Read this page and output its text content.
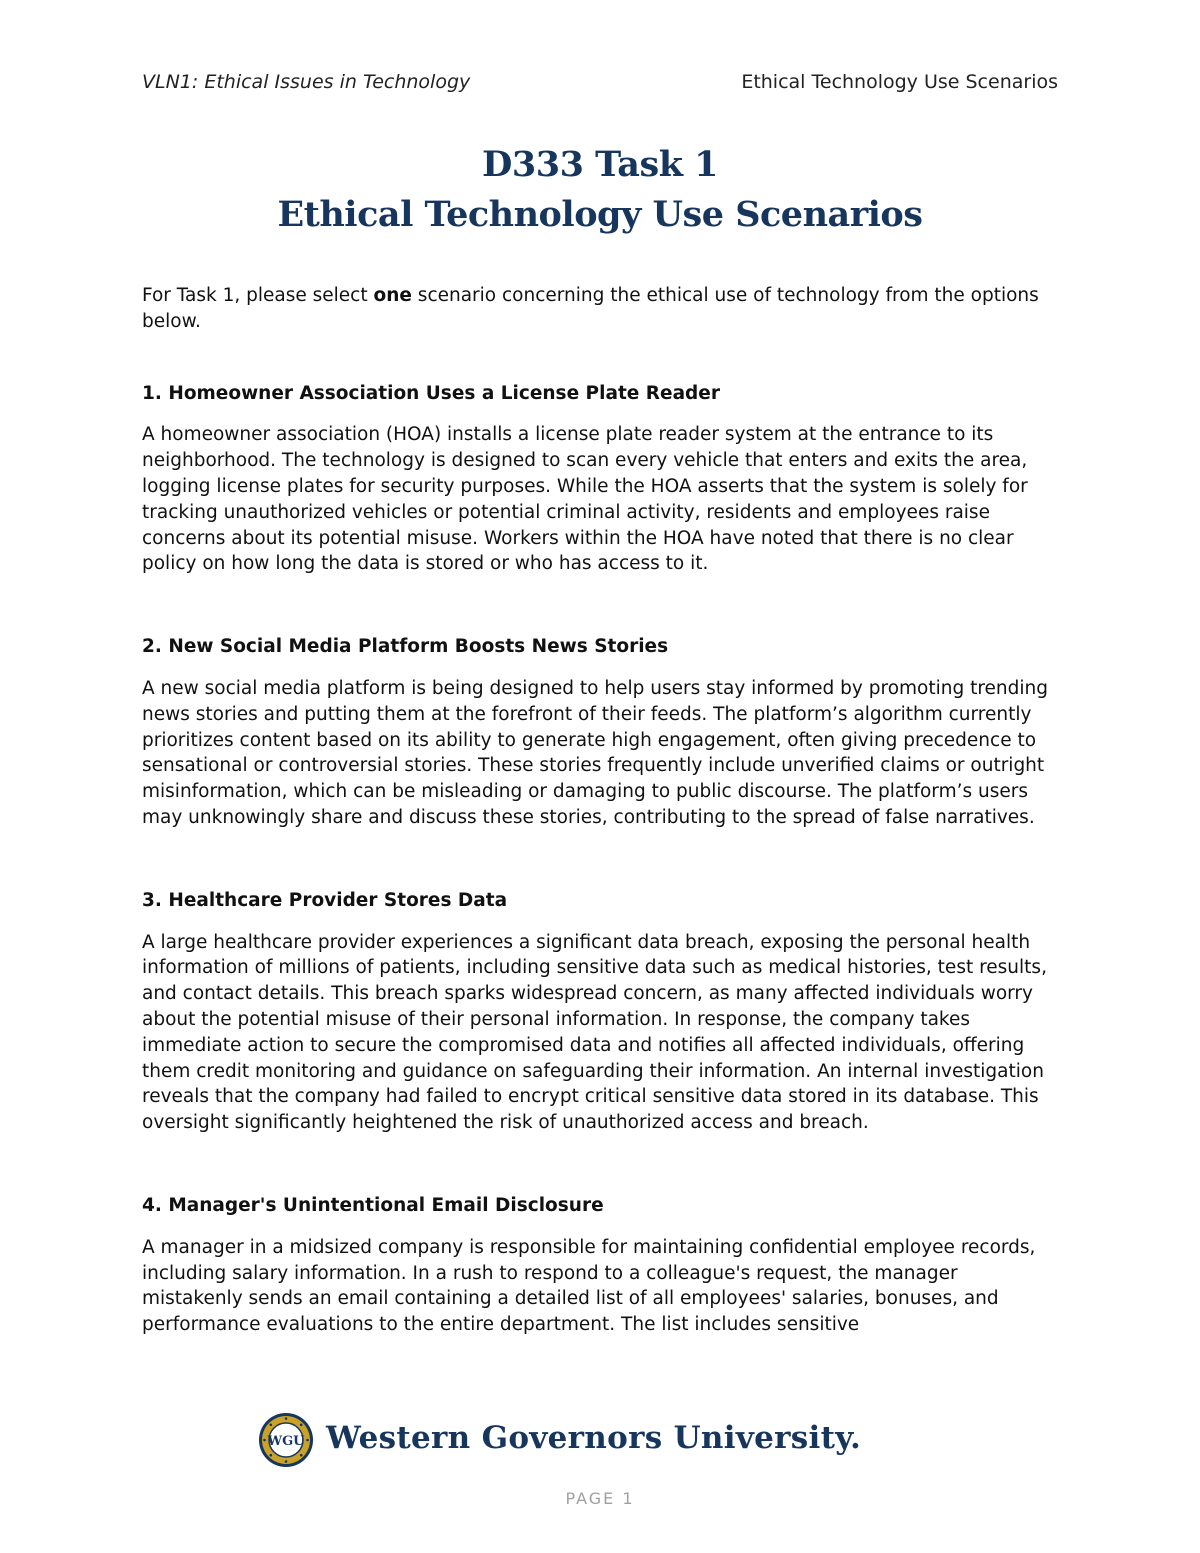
VLN1: Ethical Issues in Technology	Ethical Technology Use Scenarios
D333 Task 1
Ethical Technology Use Scenarios

For Task 1, please select one scenario concerning the ethical use of technology from the options below.

1. Homeowner Association Uses a License Plate Reader

A homeowner association (HOA) installs a license plate reader system at the entrance to its neighborhood. The technology is designed to scan every vehicle that enters and exits the area, logging license plates for security purposes. While the HOA asserts that the system is solely for tracking unauthorized vehicles or potential criminal activity, residents and employees raise concerns about its potential misuse. Workers within the HOA have noted that there is no clear policy on how long the data is stored or who has access to it.

2. New Social Media Platform Boosts News Stories

A new social media platform is being designed to help users stay informed by promoting trending news stories and putting them at the forefront of their feeds. The platform’s algorithm currently prioritizes content based on its ability to generate high engagement, often giving precedence to sensational or controversial stories. These stories frequently include unverified claims or outright misinformation, which can be misleading or damaging to public discourse. The platform’s users may unknowingly share and discuss these stories, contributing to the spread of false narratives.

3. Healthcare Provider Stores Data

A large healthcare provider experiences a significant data breach, exposing the personal health information of millions of patients, including sensitive data such as medical histories, test results, and contact details. This breach sparks widespread concern, as many affected individuals worry about the potential misuse of their personal information. In response, the company takes immediate action to secure the compromised data and notifies all affected individuals, offering them credit monitoring and guidance on safeguarding their information. An internal investigation reveals that the company had failed to encrypt critical sensitive data stored in its database. This oversight significantly heightened the risk of unauthorized access and breach.

4. Manager's Unintentional Email Disclosure

A manager in a midsized company is responsible for maintaining confidential employee records, including salary information. In a rush to respond to a colleague's request, the manager mistakenly sends an email containing a detailed list of all employees' salaries, bonuses, and performance evaluations to the entire department. The list includes sensitive

WGU Western Governors University.
PAGE 1
